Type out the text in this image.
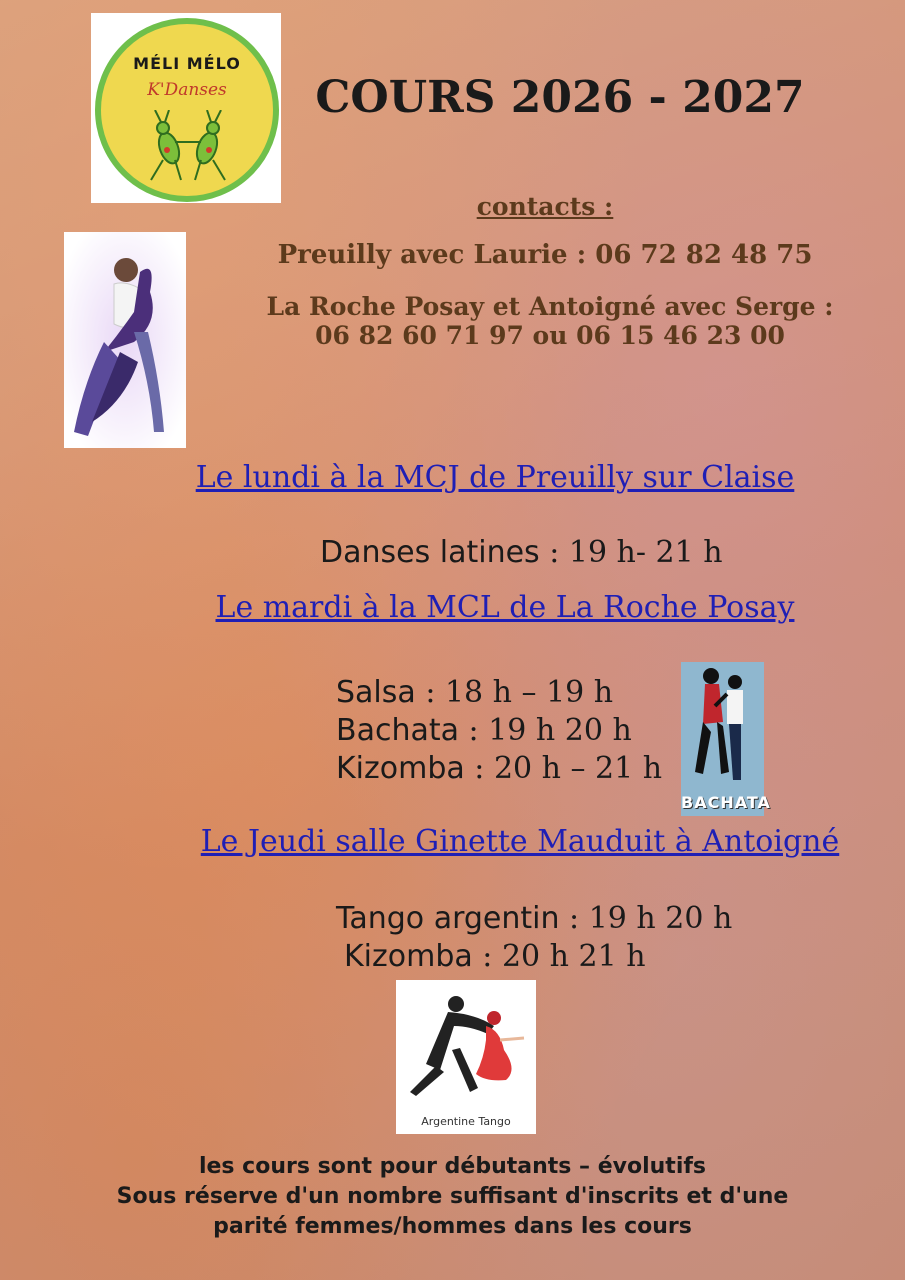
MÉLI MÉLO
K'Danses	COURS 2026 - 2027
contacts :
Preuilly avec Laurie : 06 72 82 48 75
La Roche Posay et Antoigné avec Serge :
06 82 60 71 97 ou 06 15 46 23 00
Le lundi à la MCJ de Preuilly sur Claise
Danses latines : 19 h- 21 h
Le mardi à la MCL de La Roche Posay
Salsa : 18 h – 19 h
Bachata : 19 h 20 h
Kizomba : 20 h – 21 h
BACHATA
Le Jeudi salle Ginette Mauduit à Antoigné
Tango argentin : 19 h 20 h
Kizomba : 20 h 21 h
Argentine Tango
les cours sont pour débutants – évolutifs
Sous réserve d'un nombre suffisant d'inscrits et d'une
parité femmes/hommes dans les cours
